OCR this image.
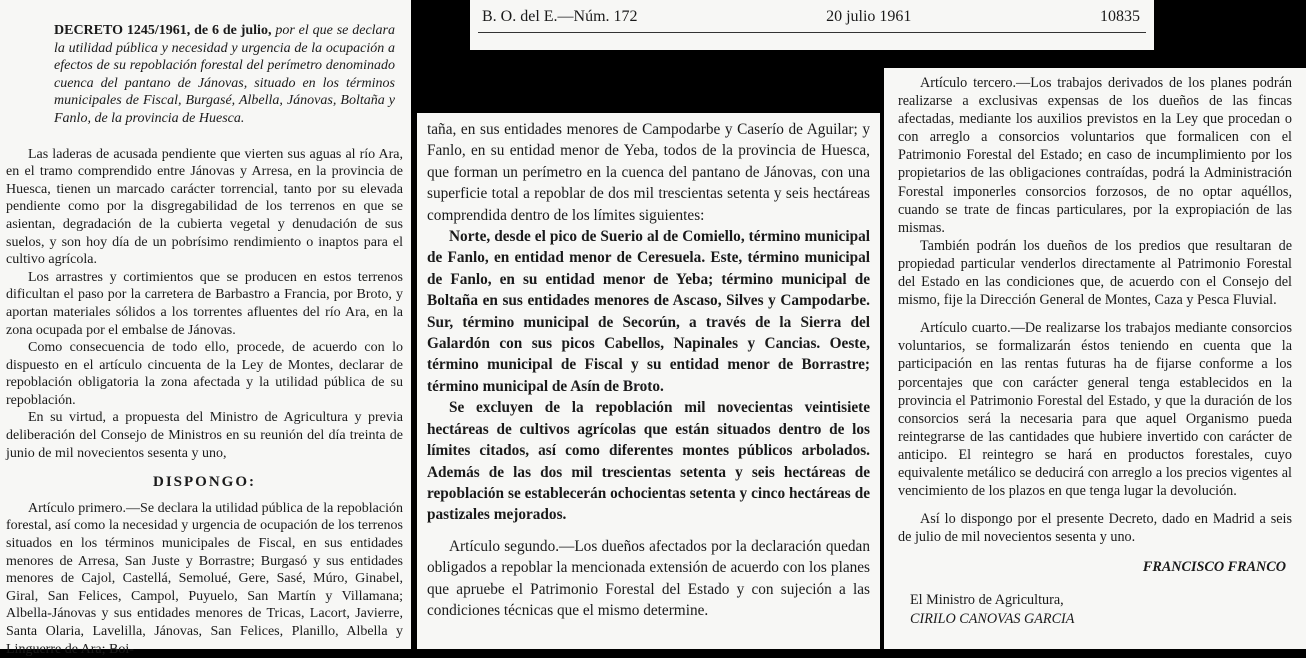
B. O. del E.—Núm. 172	20 julio 1961	10835

DECRETO 1245/1961, de 6 de julio, por el que se declara la utilidad pública y necesidad y urgencia de la ocupación a efectos de su repoblación forestal del perímetro denominado cuenca del pantano de Jánovas, situado en los términos municipales de Fiscal, Burgasé, Albella, Jánovas, Boltaña y Fanlo, de la provincia de Huesca.

Las laderas de acusada pendiente que vierten sus aguas al río Ara, en el tramo comprendido entre Jánovas y Arresa, en la provincia de Huesca, tienen un marcado carácter torrencial, tanto por su elevada pendiente como por la disgregabilidad de los terrenos en que se asientan, degradación de la cubierta vegetal y denudación de sus suelos, y son hoy día de un pobrísimo rendimiento o inaptos para el cultivo agrícola.

Los arrastres y cortimientos que se producen en estos terrenos dificultan el paso por la carretera de Barbastro a Francia, por Broto, y aportan materiales sólidos a los torrentes afluentes del río Ara, en la zona ocupada por el embalse de Jánovas.

Como consecuencia de todo ello, procede, de acuerdo con lo dispuesto en el artículo cincuenta de la Ley de Montes, declarar de repoblación obligatoria la zona afectada y la utilidad pública de su repoblación.

En su virtud, a propuesta del Ministro de Agricultura y previa deliberación del Consejo de Ministros en su reunión del día treinta de junio de mil novecientos sesenta y uno,

DISPONGO:

Artículo primero.—Se declara la utilidad pública de la repoblación forestal, así como la necesidad y urgencia de ocupación de los terrenos situados en los términos municipales de Fiscal, en sus entidades menores de Arresa, San Juste y Borrastre; Burgasó y sus entidades menores de Cajol, Castellá, Semolué, Gere, Sasé, Múro, Ginabel, Giral, San Felices, Campol, Puyuelo, San Martín y Villamana; Albella-Jánovas y sus entidades menores de Tricas, Lacort, Javierre, Santa Olaria, Lavelilla, Jánovas, San Felices, Planillo, Albella y Linguerre de Ara; Boi-

taña, en sus entidades menores de Campodarbe y Caserío de Aguilar; y Fanlo, en su entidad menor de Yeba, todos de la provincia de Huesca, que forman un perímetro en la cuenca del pantano de Jánovas, con una superficie total a repoblar de dos mil trescientas setenta y seis hectáreas comprendida dentro de los límites siguientes:

Norte, desde el pico de Suerio al de Comiello, término municipal de Fanlo, en entidad menor de Ceresuela. Este, término municipal de Fanlo, en su entidad menor de Yeba; término municipal de Boltaña en sus entidades menores de Ascaso, Silves y Campodarbe. Sur, término municipal de Secorún, a través de la Sierra del Galardón con sus picos Cabellos, Napinales y Cancias. Oeste, término municipal de Fiscal y su entidad menor de Borrastre; término municipal de Asín de Broto.

Se excluyen de la repoblación mil novecientas veintisiete hectáreas de cultivos agrícolas que están situados dentro de los límites citados, así como diferentes montes públicos arbolados. Además de las dos mil trescientas setenta y seis hectáreas de repoblación se establecerán ochocientas setenta y cinco hectáreas de pastizales mejorados.

Artículo segundo.—Los dueños afectados por la declaración quedan obligados a repoblar la mencionada extensión de acuerdo con los planes que apruebe el Patrimonio Forestal del Estado y con sujeción a las condiciones técnicas que el mismo determine.

Artículo tercero.—Los trabajos derivados de los planes podrán realizarse a exclusivas expensas de los dueños de las fincas afectadas, mediante los auxilios previstos en la Ley que procedan o con arreglo a consorcios voluntarios que formalicen con el Patrimonio Forestal del Estado; en caso de incumplimiento por los propietarios de las obligaciones contraídas, podrá la Administración Forestal imponerles consorcios forzosos, de no optar aquéllos, cuando se trate de fincas particulares, por la expropiación de las mismas.

También podrán los dueños de los predios que resultaran de propiedad particular venderlos directamente al Patrimonio Forestal del Estado en las condiciones que, de acuerdo con el Consejo del mismo, fije la Dirección General de Montes, Caza y Pesca Fluvial.

Artículo cuarto.—De realizarse los trabajos mediante consorcios voluntarios, se formalizarán éstos teniendo en cuenta que la participación en las rentas futuras ha de fijarse conforme a los porcentajes que con carácter general tenga establecidos en la provincia el Patrimonio Forestal del Estado, y que la duración de los consorcios será la necesaria para que aquel Organismo pueda reintegrarse de las cantidades que hubiere invertido con carácter de anticipo. El reintegro se hará en productos forestales, cuyo equivalente metálico se deducirá con arreglo a los precios vigentes al vencimiento de los plazos en que tenga lugar la devolución.

Así lo dispongo por el presente Decreto, dado en Madrid a seis de julio de mil novecientos sesenta y uno.

FRANCISCO FRANCO

El Ministro de Agricultura,
CIRILO CANOVAS GARCIA
